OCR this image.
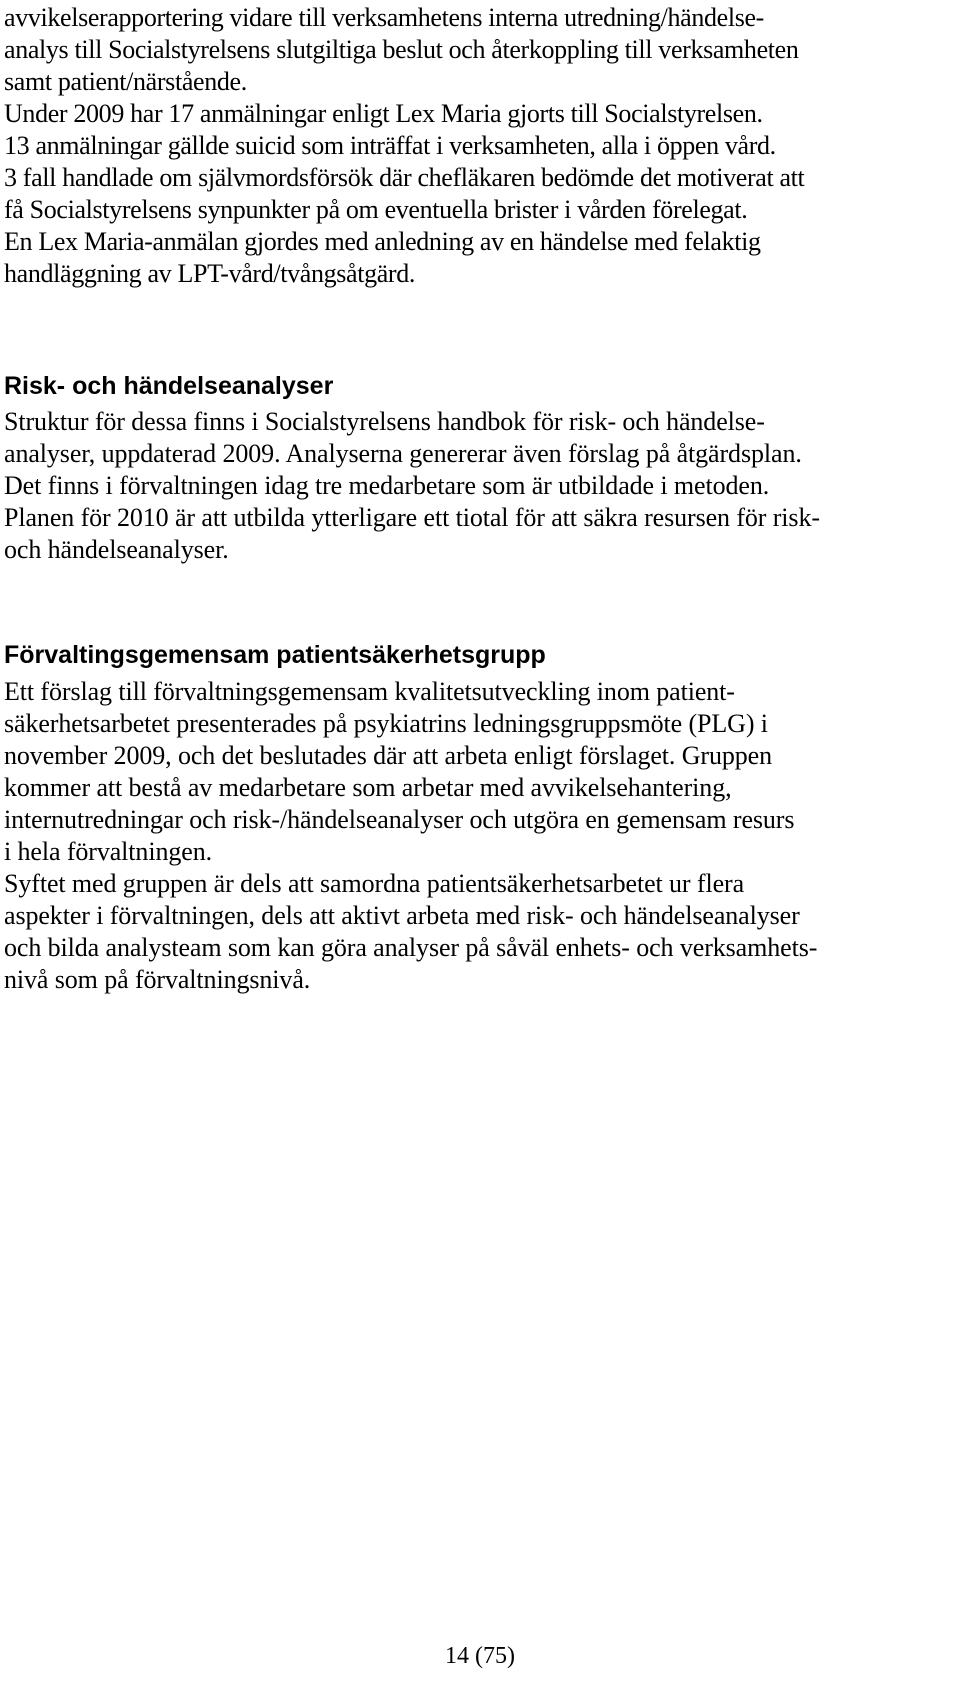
avvikelserapportering vidare till verksamhetens interna utredning/händelse-

analys till Socialstyrelsens slutgiltiga beslut och återkoppling till verksamheten

samt patient/närstående.

Under 2009 har 17 anmälningar enligt Lex Maria gjorts till Socialstyrelsen.

13 anmälningar gällde suicid som inträffat i verksamheten, alla i öppen vård.

3 fall handlade om självmordsförsök där chefläkaren bedömde det motiverat att

få Socialstyrelsens synpunkter på om eventuella brister i vården förelegat.

En Lex Maria-anmälan gjordes med anledning av en händelse med felaktig

handläggning av LPT-vård/tvångsåtgärd.

Risk- och händelseanalyser

Struktur för dessa finns i Socialstyrelsens handbok för risk- och händelse-

analyser, uppdaterad 2009. Analyserna genererar även förslag på åtgärdsplan.

Det finns i förvaltningen idag tre medarbetare som är utbildade i metoden.

Planen för 2010 är att utbilda ytterligare ett tiotal för att säkra resursen för risk-

och händelseanalyser.

Förvaltingsgemensam patientsäkerhetsgrupp

Ett förslag till förvaltningsgemensam kvalitetsutveckling inom patient-

säkerhetsarbetet presenterades på psykiatrins ledningsgruppsmöte (PLG) i

november 2009, och det beslutades där att arbeta enligt förslaget. Gruppen

kommer att bestå av medarbetare som arbetar med avvikelsehantering,

internutredningar och risk-/händelseanalyser och utgöra en gemensam resurs

i hela förvaltningen.

Syftet med gruppen är dels att samordna patientsäkerhetsarbetet ur flera

aspekter i förvaltningen, dels att aktivt arbeta med risk- och händelseanalyser

och bilda analysteam som kan göra analyser på såväl enhets- och verksamhets-

nivå som på förvaltningsnivå.

14 (75)
